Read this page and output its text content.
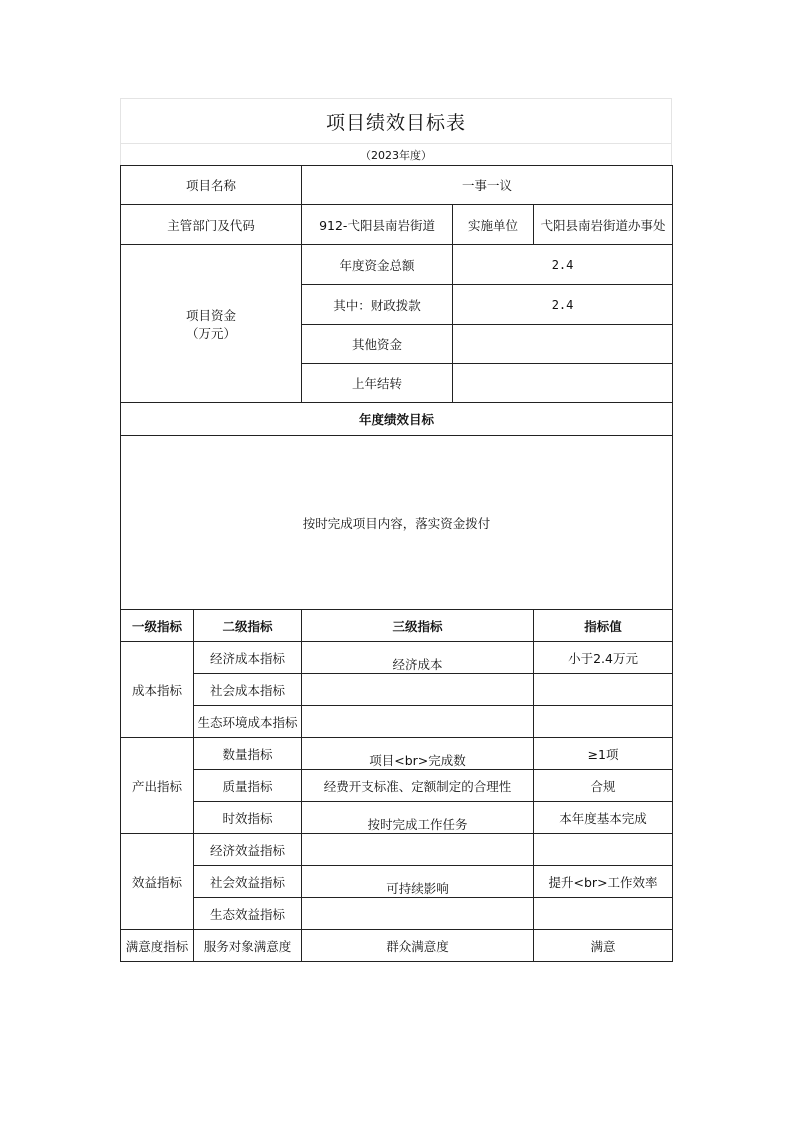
项目绩效目标表
（2023年度）
项目名称		一事一议		
主管部门及代码		912-弋阳县南岩街道	实施单位	弋阳县南岩街道办事处

项目资金
（万元）		年度资金总额	2.4	
		其中：财政拨款	2.4	
		其他资金		
		上年结转		
年度绩效目标				
按时完成项目内容，落实资金拨付				
一级指标	二级指标	三级指标		指标值
成本指标	经济成本指标	经济成本		小于2.4万元
	社会成本指标			
	生态环境成本指标			
产出指标	数量指标	项目<br>完成数		≥1项
	质量指标	经费开支标准、定额制定的合理性		合规
	时效指标	按时完成工作任务		本年度基本完成
效益指标	经济效益指标			
	社会效益指标	可持续影响		提升<br>工作效率
	生态效益指标			
满意度指标	服务对象满意度	群众满意度		满意
